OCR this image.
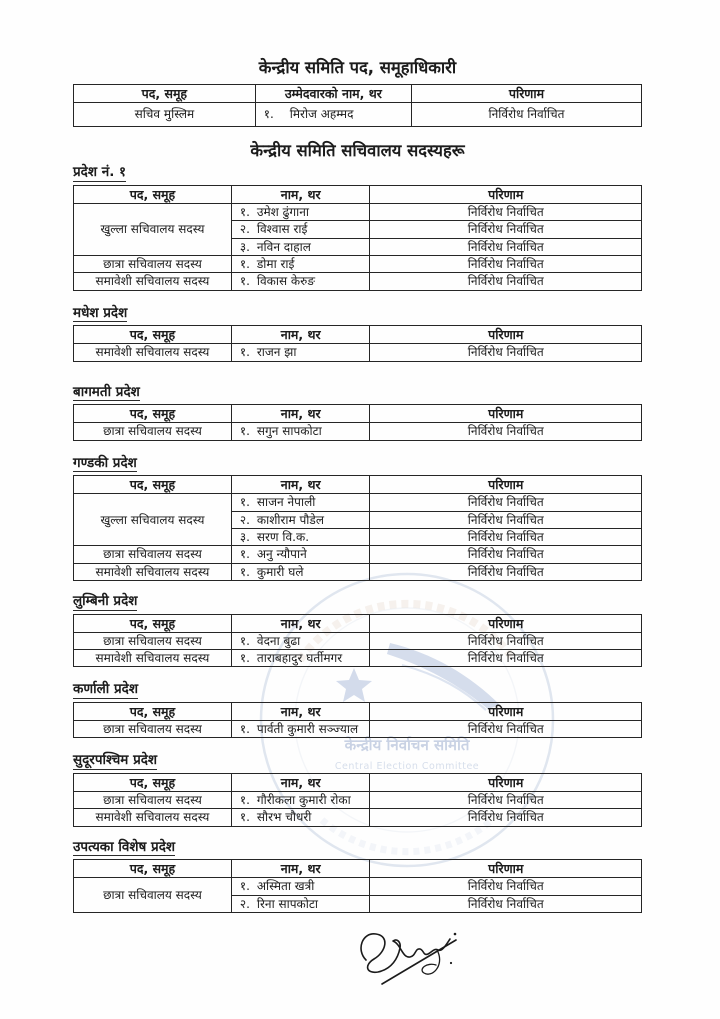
केन्द्रीय निर्वाचन समिति
Central Election Committee
केन्द्रीय समिति पद, समूहाधिकारी
पद, समूह	उम्मेदवारको नाम, थर	परिणाम
सचिव मुस्लिम	१. मिरोज अहम्मद	निर्विरोध निर्वाचित
केन्द्रीय समिति सचिवालय सदस्यहरू
प्रदेश नं. १
पद, समूह	नाम, थर	परिणाम
खुल्ला सचिवालय सदस्य	१. उमेश ढुंगाना	निर्विरोध निर्वाचित
	२. विश्वास राई	निर्विरोध निर्वाचित
	३. नविन दाहाल	निर्विरोध निर्वाचित
छात्रा सचिवालय सदस्य	१. डोमा राई	निर्विरोध निर्वाचित
समावेशी सचिवालय सदस्य	१. विकास केरुङ	निर्विरोध निर्वाचित
मधेश प्रदेश
पद, समूह	नाम, थर	परिणाम
समावेशी सचिवालय सदस्य	१. राजन झा	निर्विरोध निर्वाचित
बागमती प्रदेश
पद, समूह	नाम, थर	परिणाम
छात्रा सचिवालय सदस्य	१. सगुन सापकोटा	निर्विरोध निर्वाचित
गण्डकी प्रदेश
पद, समूह	नाम, थर	परिणाम
खुल्ला सचिवालय सदस्य	१. साजन नेपाली	निर्विरोध निर्वाचित
	२. काशीराम पौडेल	निर्विरोध निर्वाचित
	३. सरण वि.क.	निर्विरोध निर्वाचित
छात्रा सचिवालय सदस्य	१. अनु न्यौपाने	निर्विरोध निर्वाचित
समावेशी सचिवालय सदस्य	१. कुमारी घले	निर्विरोध निर्वाचित
लुम्बिनी प्रदेश
पद, समूह	नाम, थर	परिणाम
छात्रा सचिवालय सदस्य	१. वेदना बुढा	निर्विरोध निर्वाचित
समावेशी सचिवालय सदस्य	१. ताराबहादुर घर्तीमगर	निर्विरोध निर्वाचित
कर्णाली प्रदेश
पद, समूह	नाम, थर	परिणाम
छात्रा सचिवालय सदस्य	१. पार्वती कुमारी सञ्ज्याल	निर्विरोध निर्वाचित
सुदूरपश्चिम प्रदेश
पद, समूह	नाम, थर	परिणाम
छात्रा सचिवालय सदस्य	१. गौरीकला कुमारी रोका	निर्विरोध निर्वाचित
समावेशी सचिवालय सदस्य	१. सौरभ चौधरी	निर्विरोध निर्वाचित
उपत्यका विशेष प्रदेश
पद, समूह	नाम, थर	परिणाम
छात्रा सचिवालय सदस्य	१. अस्मिता खत्री	निर्विरोध निर्वाचित
	२. रिना सापकोटा	निर्विरोध निर्वाचित
